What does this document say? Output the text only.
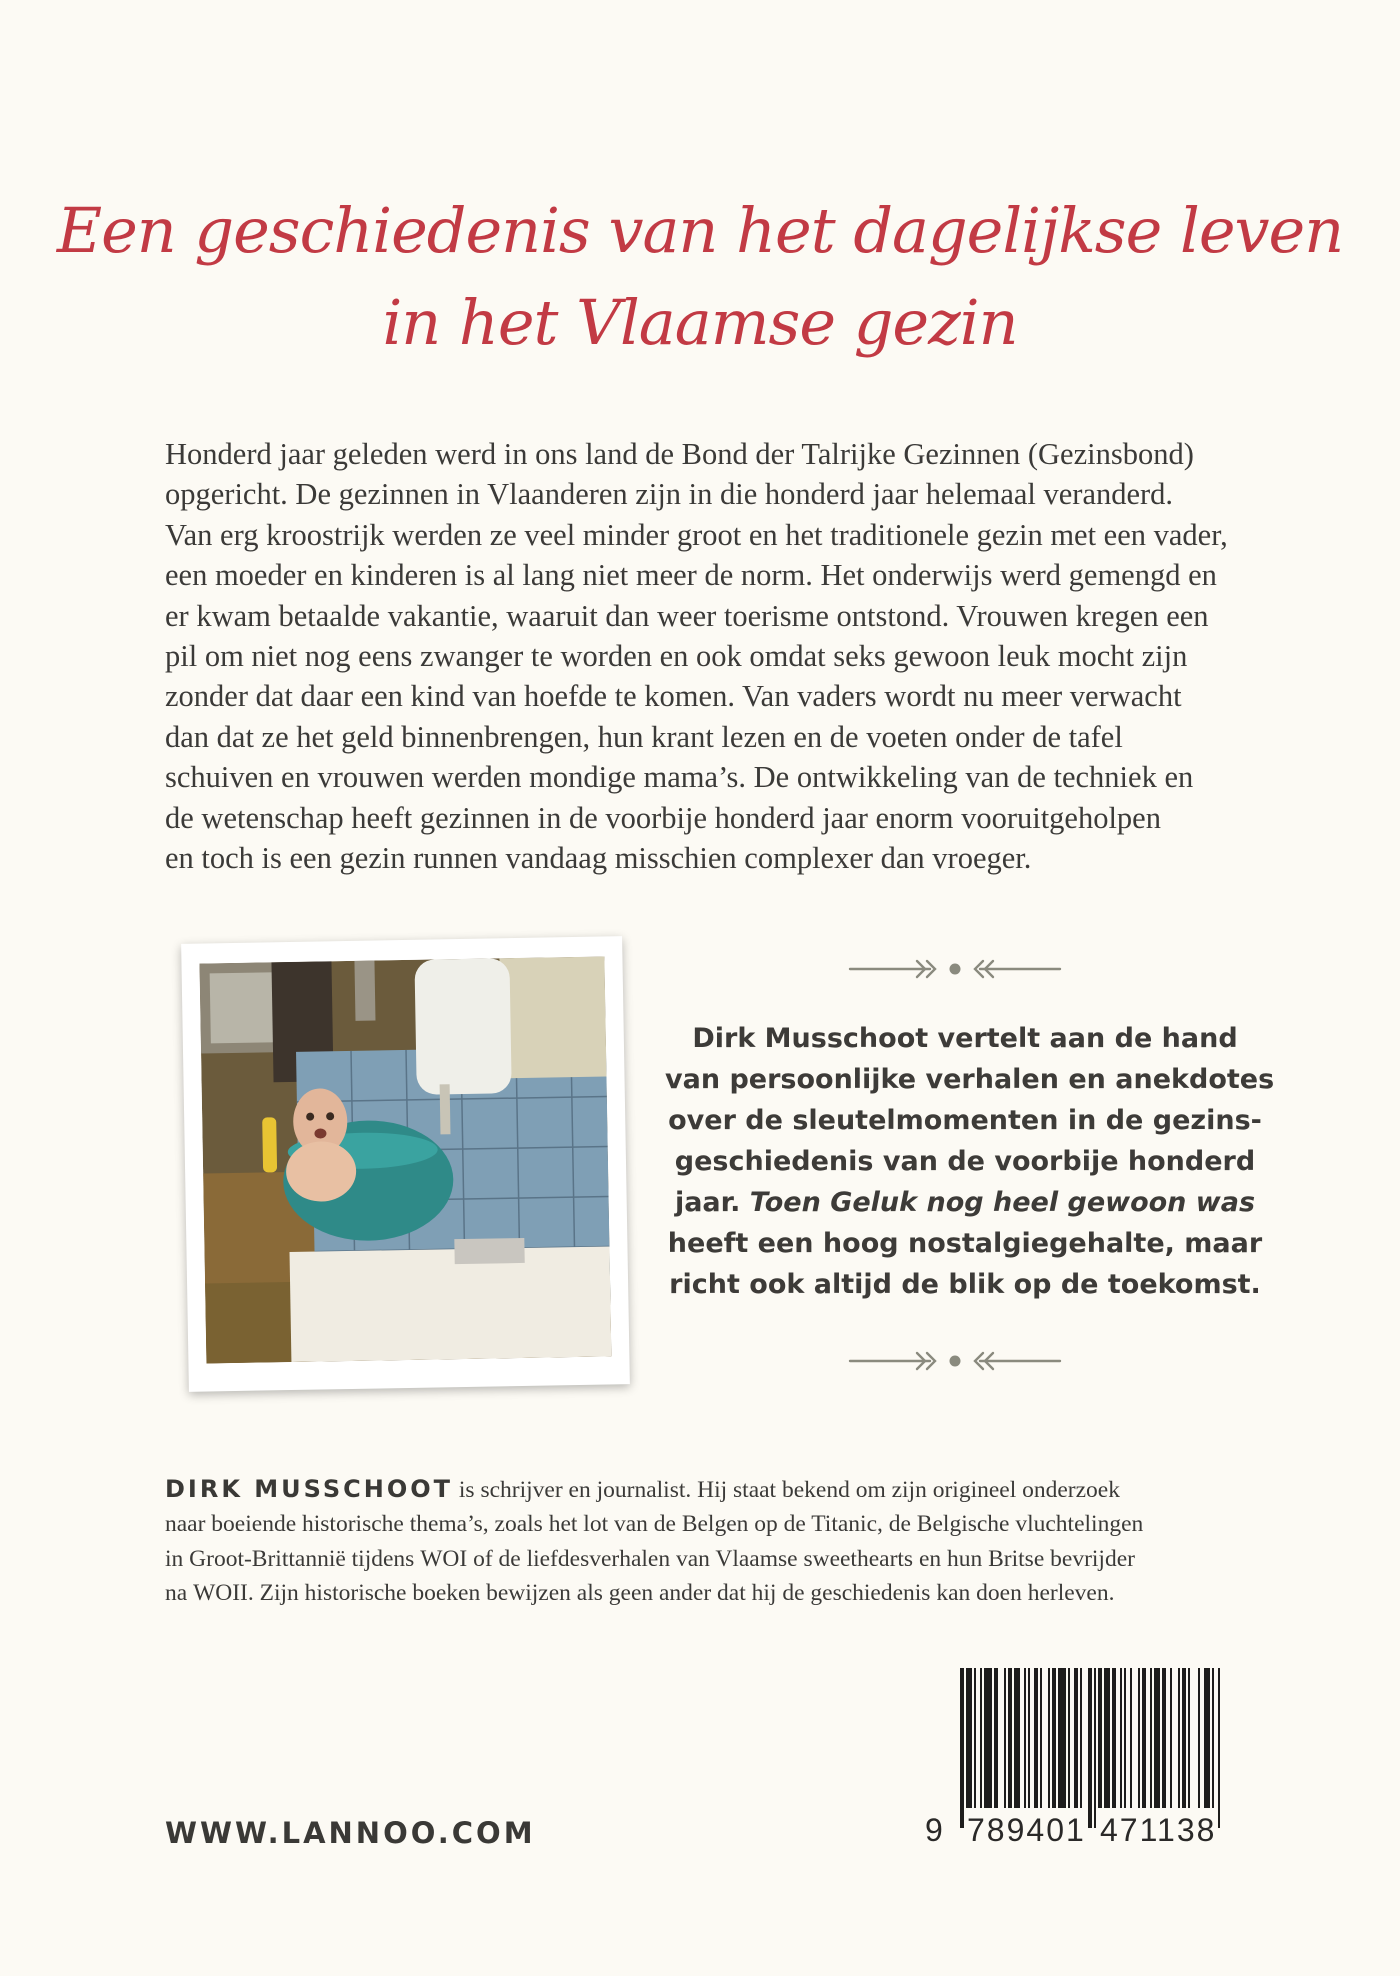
Een geschiedenis van het dagelijkse leven
in het Vlaamse gezin

Honderd jaar geleden werd in ons land de Bond der Talrijke Gezinnen (Gezinsbond)
opgericht. De gezinnen in Vlaanderen zijn in die honderd jaar helemaal veranderd.
Van erg kroostrijk werden ze veel minder groot en het traditionele gezin met een vader,
een moeder en kinderen is al lang niet meer de norm. Het onderwijs werd gemengd en
er kwam betaalde vakantie, waaruit dan weer toerisme ontstond. Vrouwen kregen een
pil om niet nog eens zwanger te worden en ook omdat seks gewoon leuk mocht zijn
zonder dat daar een kind van hoefde te komen. Van vaders wordt nu meer verwacht
dan dat ze het geld binnenbrengen, hun krant lezen en de voeten onder de tafel
schuiven en vrouwen werden mondige mama’s. De ontwikkeling van de techniek en
de wetenschap heeft gezinnen in de voorbije honderd jaar enorm vooruitgeholpen
en toch is een gezin runnen vandaag misschien complexer dan vroeger.

Dirk Musschoot vertelt aan de hand
van persoonlijke verhalen en anekdotes
over de sleutelmomenten in de gezins-
geschiedenis van de voorbije honderd
jaar. Toen Geluk nog heel gewoon was
heeft een hoog nostalgiegehalte, maar
richt ook altijd de blik op de toekomst.

DIRK MUSSCHOOT is schrijver en journalist. Hij staat bekend om zijn origineel onderzoek
naar boeiende historische thema’s, zoals het lot van de Belgen op de Titanic, de Belgische vluchtelingen
in Groot-Brittannië tijdens WOI of de liefdesverhalen van Vlaamse sweethearts en hun Britse bevrijder
na WOII. Zijn historische boeken bewijzen als geen ander dat hij de geschiedenis kan doen herleven.

WWW.LANNOO.COM	9 789401 471138
